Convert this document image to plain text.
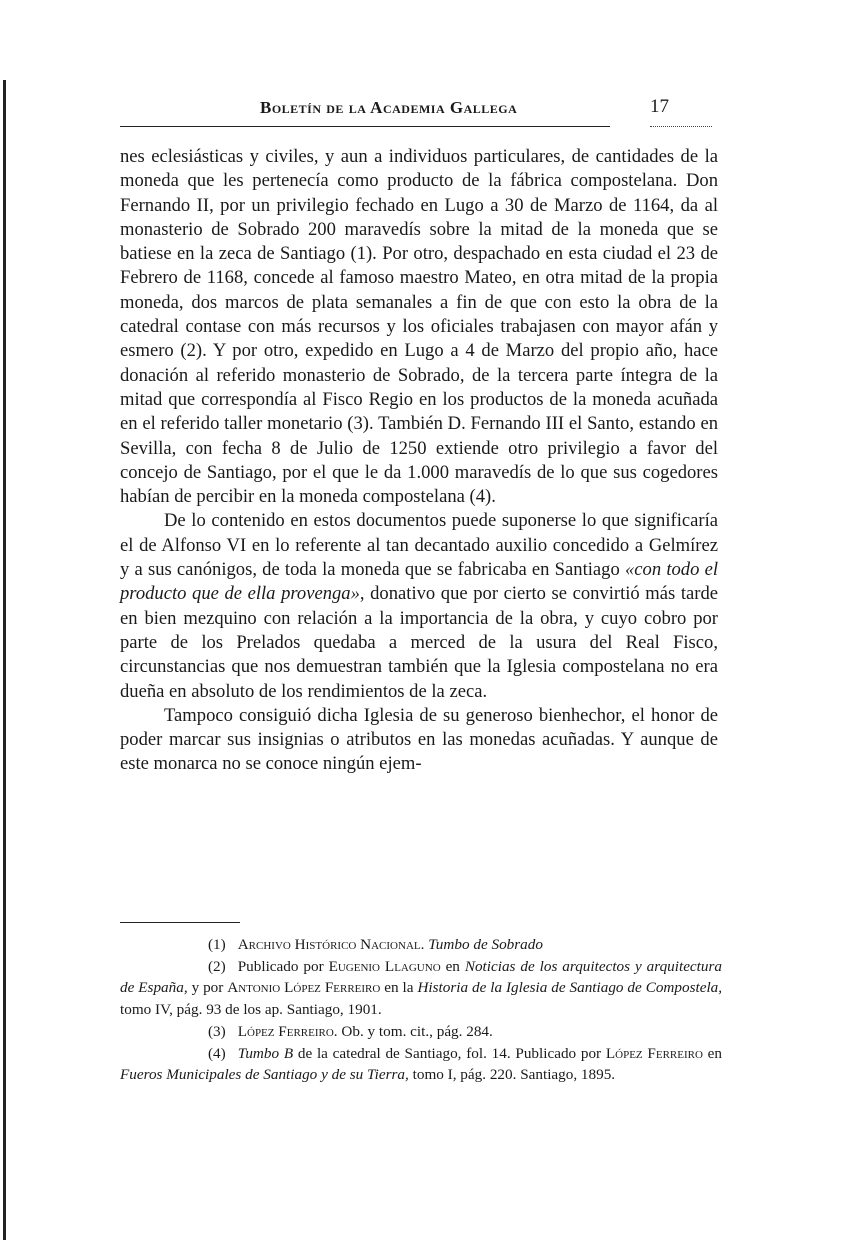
Boletín de la Academia Gallega	17

nes eclesiásticas y civiles, y aun a individuos particulares, de cantidades de la moneda que les pertenecía como producto de la fábrica compostelana. Don Fernando II, por un privilegio fechado en Lugo a 30 de Marzo de 1164, da al monasterio de Sobrado 200 maravedís sobre la mitad de la moneda que se batiese en la zeca de Santiago (1). Por otro, despachado en esta ciudad el 23 de Febrero de 1168, concede al famoso maestro Mateo, en otra mitad de la propia moneda, dos marcos de plata semanales a fin de que con esto la obra de la catedral contase con más recursos y los oficiales trabajasen con mayor afán y esmero (2). Y por otro, expedido en Lugo a 4 de Marzo del propio año, hace donación al referido monasterio de Sobrado, de la tercera parte íntegra de la mitad que correspondía al Fisco Regio en los productos de la moneda acuñada en el referido taller monetario (3). También D. Fernando III el Santo, estando en Sevilla, con fecha 8 de Julio de 1250 extiende otro privilegio a favor del concejo de Santiago, por el que le da 1.000 maravedís de lo que sus cogedores habían de percibir en la moneda compostelana (4).

De lo contenido en estos documentos puede suponerse lo que significaría el de Alfonso VI en lo referente al tan decantado auxilio concedido a Gelmírez y a sus canónigos, de toda la moneda que se fabricaba en Santiago «con todo el producto que de ella provenga», donativo que por cierto se convirtió más tarde en bien mezquino con relación a la importancia de la obra, y cuyo cobro por parte de los Prelados quedaba a merced de la usura del Real Fisco, circunstancias que nos demuestran también que la Iglesia compostelana no era dueña en absoluto de los rendimientos de la zeca.

Tampoco consiguió dicha Iglesia de su generoso bienhechor, el honor de poder marcar sus insignias o atributos en las monedas acuñadas. Y aunque de este monarca no se conoce ningún ejem-

(1) Archivo Histórico Nacional. Tumbo de Sobrado

(2) Publicado por Eugenio Llaguno en Noticias de los arquitectos y arquitectura de España, y por Antonio López Ferreiro en la Historia de la Iglesia de Santiago de Compostela, tomo IV, pág. 93 de los ap. Santiago, 1901.

(3) López Ferreiro. Ob. y tom. cit., pág. 284.

(4) Tumbo B de la catedral de Santiago, fol. 14. Publicado por López Ferreiro en Fueros Municipales de Santiago y de su Tierra, tomo I, pág. 220. Santiago, 1895.
